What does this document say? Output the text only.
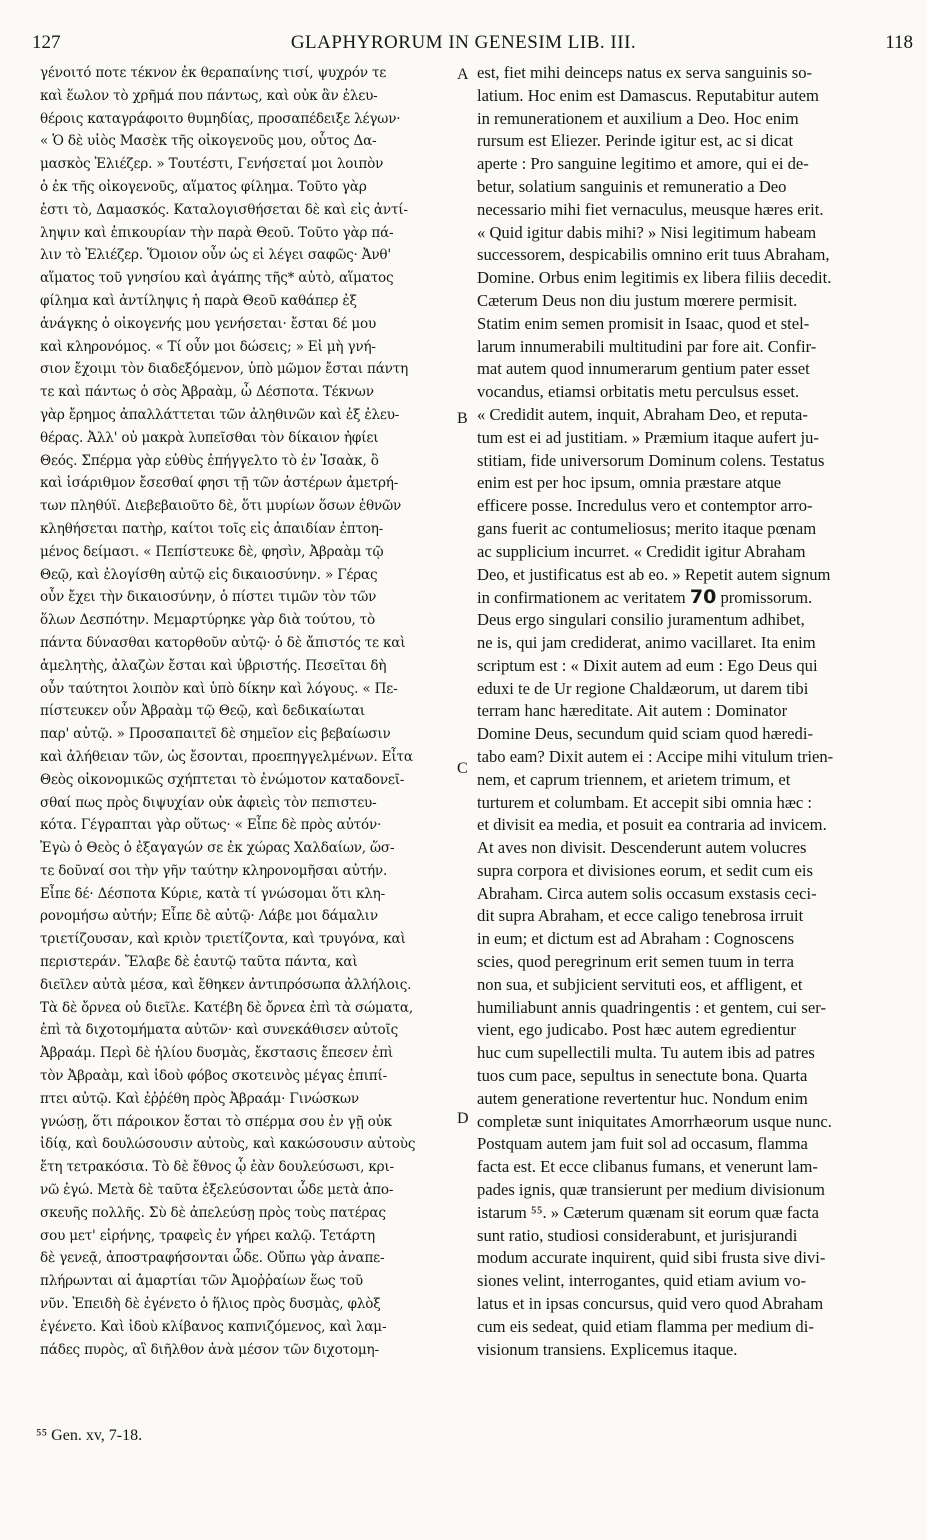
127	GLAPHYRORUM IN GENESIM LIB. III.	118
γένοιτό ποτε τέκνον ἐκ θεραπαίνης τισί, ψυχρόν τε
καὶ ἕωλον τὸ χρῆμά που πάντως, καὶ οὐκ ἂν ἐλευ-
θέροις καταγράφοιτο θυμηδίας, προσαπέδειξε λέγων·
« Ὁ δὲ υἱὸς Μασὲκ τῆς οἰκογενοῦς μου, οὗτος Δα-
μασκὸς Ἐλιέζερ. » Τουτέστι, Γενήσεταί μοι λοιπὸν
ὁ ἐκ τῆς οἰκογενοῦς, αἵματος φίλημα. Τοῦτο γὰρ
ἐστι τὸ, Δαμασκός. Καταλογισθήσεται δὲ καὶ εἰς ἀντί-
ληψιν καὶ ἐπικουρίαν τὴν παρὰ Θεοῦ. Τοῦτο γὰρ πά-
λιν τὸ Ἐλιέζερ. Ὅμοιον οὖν ὡς εἰ λέγει σαφῶς· Ἀνθ'
αἵματος τοῦ γνησίου καὶ ἀγάπης τῆς* αὐτὸ, αἵματος
φίλημα καὶ ἀντίληψις ἡ παρὰ Θεοῦ καθάπερ ἐξ
ἀνάγκης ὁ οἰκογενής μου γενήσεται· ἔσται δέ μου
καὶ κληρονόμος. « Τί οὖν μοι δώσεις; » Εἰ μὴ γνή-
σιον ἔχοιμι τὸν διαδεξόμενον, ὑπὸ μῶμον ἔσται πάντη
τε καὶ πάντως ὁ σὸς Ἀβραὰμ, ὦ Δέσποτα. Τέκνων
γὰρ ἔρημος ἀπαλλάττεται τῶν ἀληθινῶν καὶ ἐξ ἐλευ-
θέρας. Ἀλλ' οὐ μακρὰ λυπεῖσθαι τὸν δίκαιον ἠφίει
Θεός. Σπέρμα γὰρ εὐθὺς ἐπήγγελτο τὸ ἐν Ἰσαὰκ, ὃ
καὶ ἰσάριθμον ἔσεσθαί φησι τῇ τῶν ἀστέρων ἀμετρή-
των πληθύϊ. Διεβεβαιοῦτο δὲ, ὅτι μυρίων ὅσων ἐθνῶν
κληθήσεται πατὴρ, καίτοι τοῖς εἰς ἀπαιδίαν ἐπτοη-
μένος δείμασι. « Πεπίστευκε δὲ, φησὶν, Ἀβραὰμ τῷ
Θεῷ, καὶ ἐλογίσθη αὐτῷ εἰς δικαιοσύνην. » Γέρας
οὖν ἔχει τὴν δικαιοσύνην, ὁ πίστει τιμῶν τὸν τῶν
ὅλων Δεσπότην. Μεμαρτύρηκε γὰρ διὰ τούτου, τὸ
πάντα δύνασθαι κατορθοῦν αὐτῷ· ὁ δὲ ἄπιστός τε καὶ
ἀμελητὴς, ἀλαζὼν ἔσται καὶ ὑβριστής. Πεσεῖται δὴ
οὖν ταύτητοι λοιπὸν καὶ ὑπὸ δίκην καὶ λόγους. « Πε-
πίστευκεν οὖν Ἀβραὰμ τῷ Θεῷ, καὶ δεδικαίωται
παρ' αὐτῷ. » Προσαπαιτεῖ δὲ σημεῖον εἰς βεβαίωσιν
καὶ ἀλήθειαν τῶν, ὡς ἔσονται, προεπηγγελμένων. Εἶτα
Θεὸς οἰκονομικῶς σχήπτεται τὸ ἐνώμοτον καταδονεῖ-
σθαί πως πρὸς διψυχίαν οὐκ ἀφιεὶς τὸν πεπιστευ-
κότα. Γέγραπται γὰρ οὕτως· « Εἶπε δὲ πρὸς αὐτόν·
Ἐγὼ ὁ Θεὸς ὁ ἐξαγαγών σε ἐκ χώρας Χαλδαίων, ὥσ-
τε δοῦναί σοι τὴν γῆν ταύτην κληρονομῆσαι αὐτήν.
Εἶπε δέ· Δέσποτα Κύριε, κατὰ τί γνώσομαι ὅτι κλη-
ρονομήσω αὐτήν; Εἶπε δὲ αὐτῷ· Λάβε μοι δάμαλιν
τριετίζουσαν, καὶ κριὸν τριετίζοντα, καὶ τρυγόνα, καὶ
περιστεράν. Ἔλαβε δὲ ἑαυτῷ ταῦτα πάντα, καὶ
διεῖλεν αὐτὰ μέσα, καὶ ἔθηκεν ἀντιπρόσωπα ἀλλήλοις.
Τὰ δὲ ὄρνεα οὐ διεῖλε. Κατέβη δὲ ὄρνεα ἐπὶ τὰ σώματα,
ἐπὶ τὰ διχοτομήματα αὐτῶν· καὶ συνεκάθισεν αὐτοῖς
Ἀβραάμ. Περὶ δὲ ἡλίου δυσμὰς, ἔκστασις ἔπεσεν ἐπὶ
τὸν Ἀβραὰμ, καὶ ἰδοὺ φόβος σκοτεινὸς μέγας ἐπιπί-
πτει αὐτῷ. Καὶ ἐῤῥέθη πρὸς Ἀβραάμ· Γινώσκων
γνώσῃ, ὅτι πάροικον ἔσται τὸ σπέρμα σου ἐν γῇ οὐκ
ἰδίᾳ, καὶ δουλώσουσιν αὐτοὺς, καὶ κακώσουσιν αὐτοὺς
ἔτη τετρακόσια. Τὸ δὲ ἔθνος ᾧ ἐὰν δουλεύσωσι, κρι-
νῶ ἐγώ. Μετὰ δὲ ταῦτα ἐξελεύσονται ὧδε μετὰ ἀπο-
σκευῆς πολλῆς. Σὺ δὲ ἀπελεύσῃ πρὸς τοὺς πατέρας
σου μετ' εἰρήνης, τραφεὶς ἐν γήρει καλῷ. Τετάρτη
δὲ γενεᾷ, ἀποστραφήσονται ὧδε. Οὔπω γὰρ ἀναπε-
πλήρωνται αἱ ἁμαρτίαι τῶν Ἀμοῤῥαίων ἕως τοῦ
νῦν. Ἐπειδὴ δὲ ἐγένετο ὁ ἥλιος πρὸς δυσμὰς, φλὸξ
ἐγένετο. Καὶ ἰδοὺ κλίβανος καπνιζόμενος, καὶ λαμ-
πάδες πυρὸς, αἳ διῆλθον ἀνὰ μέσον τῶν διχοτομη-
est, fiet mihi deinceps natus ex serva sanguinis so-
latium. Hoc enim est Damascus. Reputabitur autem
in remunerationem et auxilium a Deo. Hoc enim
rursum est Eliezer. Perinde igitur est, ac si dicat
aperte : Pro sanguine legitimo et amore, qui ei de-
betur, solatium sanguinis et remuneratio a Deo
necessario mihi fiet vernaculus, meusque hæres erit.
« Quid igitur dabis mihi? » Nisi legitimum habeam
successorem, despicabilis omnino erit tuus Abraham,
Domine. Orbus enim legitimis ex libera filiis decedit.
Cæterum Deus non diu justum mœrere permisit.
Statim enim semen promisit in Isaac, quod et stel-
larum innumerabili multitudini par fore ait. Confir-
mat autem quod innumerarum gentium pater esset
vocandus, etiamsi orbitatis metu perculsus esset.
« Credidit autem, inquit, Abraham Deo, et reputa-
tum est ei ad justitiam. » Præmium itaque aufert ju-
stitiam, fide universorum Dominum colens. Testatus
enim est per hoc ipsum, omnia præstare atque
efficere posse. Incredulus vero et contemptor arro-
gans fuerit ac contumeliosus; merito itaque pœnam
ac supplicium incurret. « Credidit igitur Abraham
Deo, et justificatus est ab eo. » Repetit autem signum
in confirmationem ac veritatem 70 promissorum.
Deus ergo singulari consilio juramentum adhibet,
ne is, qui jam crediderat, animo vacillaret. Ita enim
scriptum est : « Dixit autem ad eum : Ego Deus qui
eduxi te de Ur regione Chaldæorum, ut darem tibi
terram hanc hæreditate. Ait autem : Dominator
Domine Deus, secundum quid sciam quod hæredi-
tabo eam? Dixit autem ei : Accipe mihi vitulum trien-
nem, et caprum triennem, et arietem trimum, et
turturem et columbam. Et accepit sibi omnia hæc :
et divisit ea media, et posuit ea contraria ad invicem.
At aves non divisit. Descenderunt autem volucres
supra corpora et divisiones eorum, et sedit cum eis
Abraham. Circa autem solis occasum exstasis ceci-
dit supra Abraham, et ecce caligo tenebrosa irruit
in eum; et dictum est ad Abraham : Cognoscens
scies, quod peregrinum erit semen tuum in terra
non sua, et subjicient servituti eos, et affligent, et
humiliabunt annis quadringentis : et gentem, cui ser-
vient, ego judicabo. Post hæc autem egredientur
huc cum supellectili multa. Tu autem ibis ad patres
tuos cum pace, sepultus in senectute bona. Quarta
autem generatione revertentur huc. Nondum enim
completæ sunt iniquitates Amorrhæorum usque nunc.
Postquam autem jam fuit sol ad occasum, flamma
facta est. Et ecce clibanus fumans, et venerunt lam-
pades ignis, quæ transierunt per medium divisionum
istarum ⁵⁵. » Cæterum quænam sit eorum quæ facta
sunt ratio, studiosi considerabunt, et jurisjurandi
modum accurate inquirent, quid sibi frusta sive divi-
siones velint, interrogantes, quid etiam avium vo-
latus et in ipsas concursus, quid vero quod Abraham
cum eis sedeat, quid etiam flamma per medium di-
visionum transiens. Explicemus itaque.
A
B
C
D
⁵⁵ Gen. xv, 7-18.
